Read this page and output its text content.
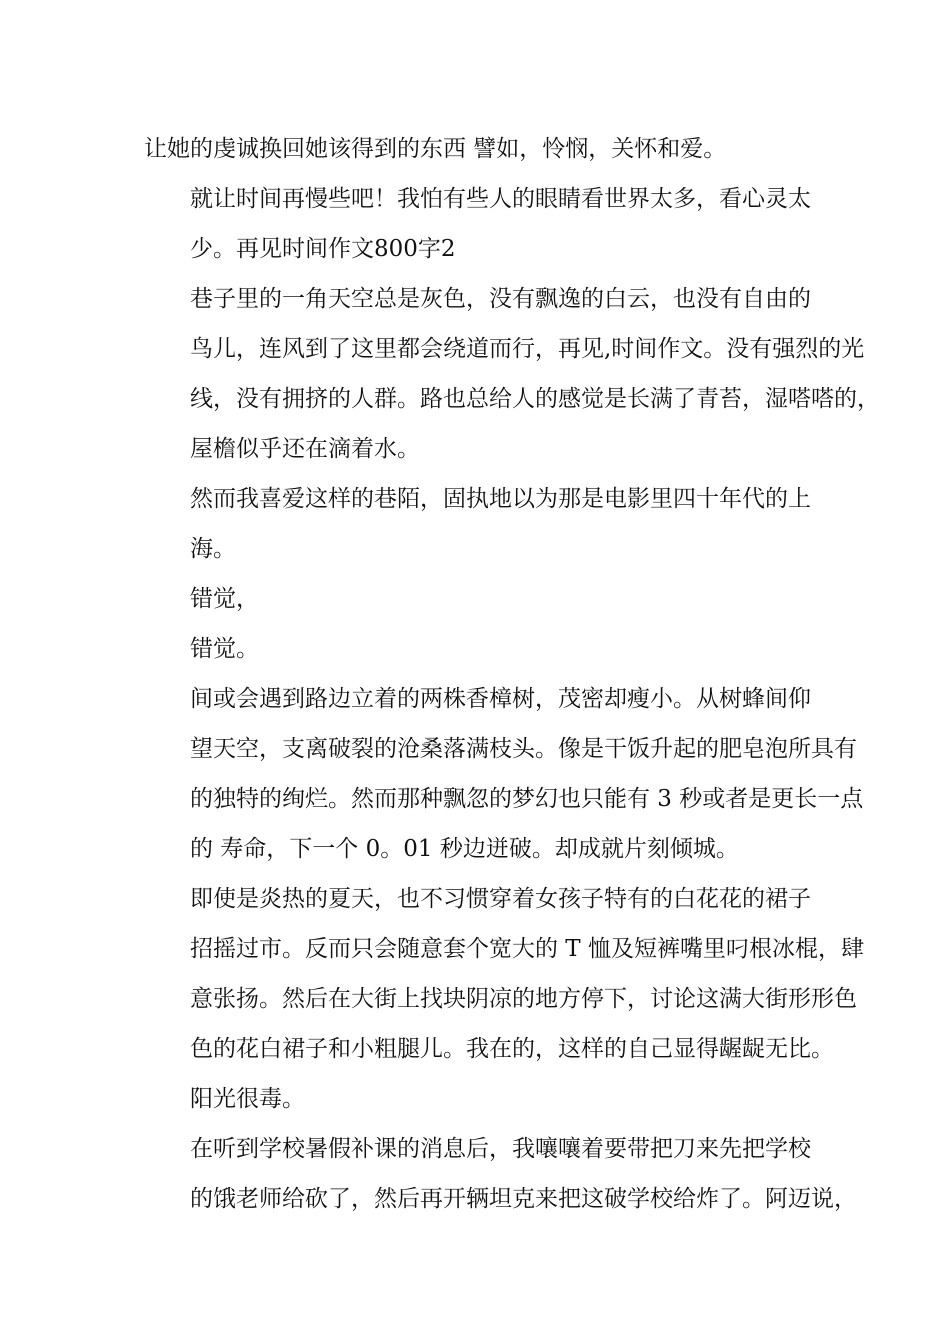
让她的虔诚换回她该得到的东西 譬如，怜悯，关怀和爱。

就让时间再慢些吧！我怕有些人的眼睛看世界太多，看心灵太
少。再见时间作文800字2

巷子里的一角天空总是灰色，没有飘逸的白云，也没有自由的
鸟儿，连风到了这里都会绕道而行，再见,时间作文。没有强烈的光
线，没有拥挤的人群。路也总给人的感觉是长满了青苔，湿嗒嗒的，
屋檐似乎还在滴着水。

然而我喜爱这样的巷陌，固执地以为那是电影里四十年代的上
海。

错觉，

错觉。

间或会遇到路边立着的两株香樟树，茂密却瘦小。从树蜂间仰
望天空，支离破裂的沧桑落满枝头。像是干饭升起的肥皂泡所具有
的独特的绚烂。然而那种飘忽的梦幻也只能有 3 秒或者是更长一点
的 寿命，下一个 0。01 秒边迸破。却成就片刻倾城。

即使是炎热的夏天，也不习惯穿着女孩子特有的白花花的裙子
招摇过市。反而只会随意套个宽大的 T 恤及短裤嘴里叼根冰棍，肆
意张扬。然后在大街上找块阴凉的地方停下，讨论这满大街形形色
色的花白裙子和小粗腿儿。我在的，这样的自己显得龌龊无比。

阳光很毒。

在听到学校暑假补课的消息后，我嚷嚷着要带把刀来先把学校
的饿老师给砍了，然后再开辆坦克来把这破学校给炸了。阿迈说，
